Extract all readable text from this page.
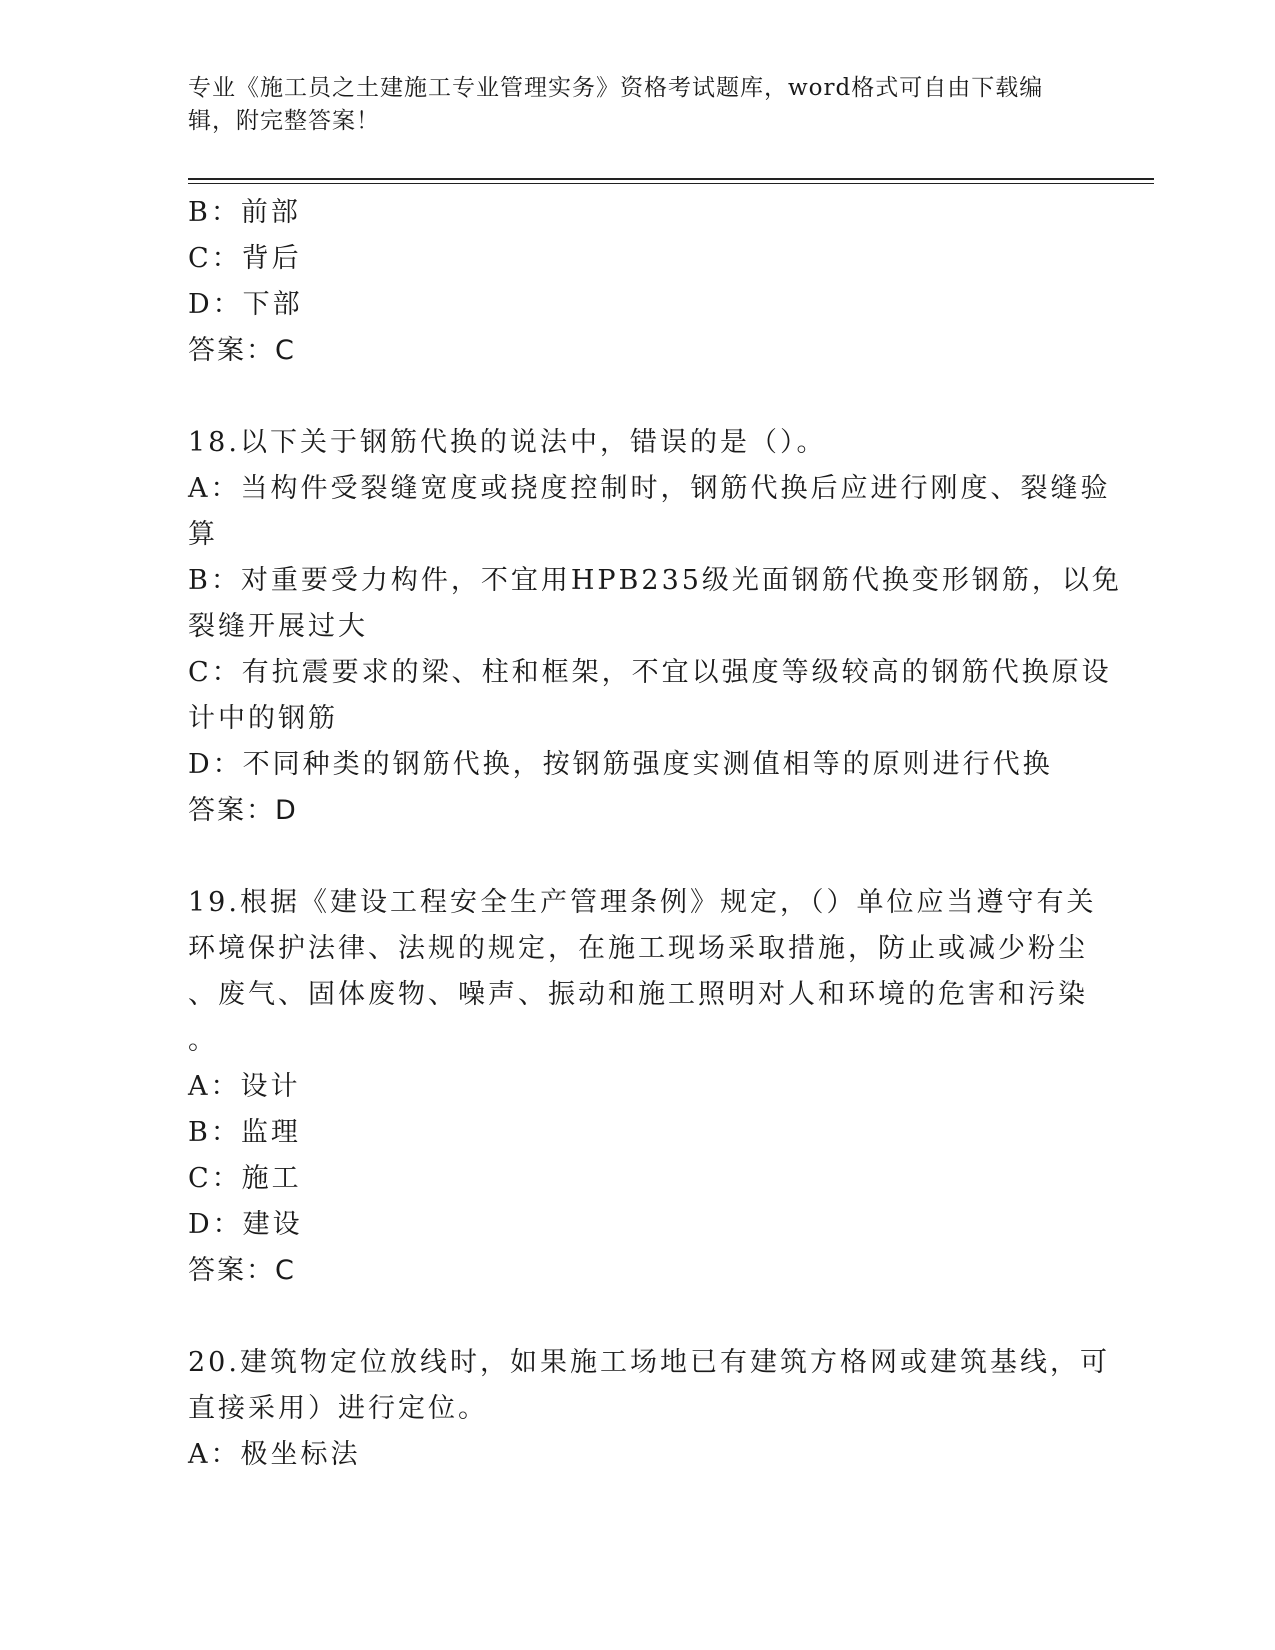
专业《施工员之土建施工专业管理实务》资格考试题库，word格式可自由下载编
辑，附完整答案！
B：前部
C：背后
D：下部
答案：C
18.以下关于钢筋代换的说法中，错误的是（）。
A：当构件受裂缝宽度或挠度控制时，钢筋代换后应进行刚度、裂缝验
算
B：对重要受力构件，不宜用HPB235级光面钢筋代换变形钢筋，以免
裂缝开展过大
C：有抗震要求的梁、柱和框架，不宜以强度等级较高的钢筋代换原设
计中的钢筋
D：不同种类的钢筋代换，按钢筋强度实测值相等的原则进行代换
答案：D
19.根据《建设工程安全生产管理条例》规定，（）单位应当遵守有关
环境保护法律、法规的规定，在施工现场采取措施，防止或减少粉尘
、废气、固体废物、噪声、振动和施工照明对人和环境的危害和污染
。
A：设计
B：监理
C：施工
D：建设
答案：C
20.建筑物定位放线时，如果施工场地已有建筑方格网或建筑基线，可
直接采用）进行定位。
A：极坐标法
